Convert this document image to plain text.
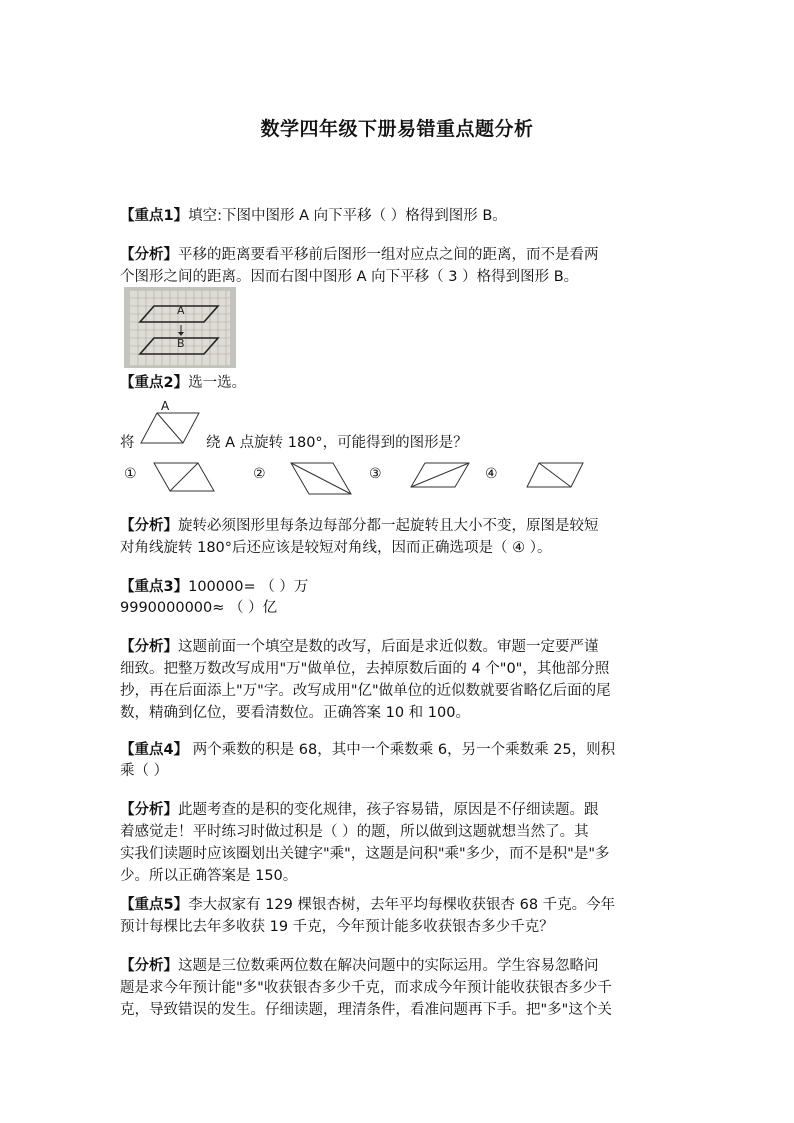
数学四年级下册易错重点题分析
【重点1】填空:下图中图形 A 向下平移（ ）格得到图形 B。
【分析】平移的距离要看平移前后图形一组对应点之间的距离，而不是看两
个图形之间的距离。因而右图中图形 A 向下平移（ 3 ）格得到图形 B。
A
B
【重点2】选一选。
A
将	绕 A 点旋转 180°，可能得到的图形是？
①	②	③	④
【分析】旋转必须图形里每条边每部分都一起旋转且大小不变，原图是较短
对角线旋转 180°后还应该是较短对角线，因而正确选项是（ ④ ）。
【重点3】100000= （ ）万
9990000000≈ （ ）亿
【分析】这题前面一个填空是数的改写，后面是求近似数。审题一定要严谨
细致。把整万数改写成用"万"做单位，去掉原数后面的 4 个"0"，其他部分照
抄，再在后面添上"万"字。改写成用"亿"做单位的近似数就要省略亿后面的尾
数，精确到亿位，要看清数位。正确答案 10 和 100。
【重点4】 两个乘数的积是 68，其中一个乘数乘 6，另一个乘数乘 25，则积
乘（ ）
【分析】此题考查的是积的变化规律，孩子容易错，原因是不仔细读题。跟
着感觉走！平时练习时做过积是（ ）的题，所以做到这题就想当然了。其
实我们读题时应该圈划出关键字"乘"，这题是问积"乘"多少，而不是积"是"多
少。所以正确答案是 150。
【重点5】李大叔家有 129 棵银杏树，去年平均每棵收获银杏 68 千克。今年
预计每棵比去年多收获 19 千克，今年预计能多收获银杏多少千克？
【分析】这题是三位数乘两位数在解决问题中的实际运用。学生容易忽略问
题是求今年预计能"多"收获银杏多少千克，而求成今年预计能收获银杏多少千
克，导致错误的发生。仔细读题，理清条件，看准问题再下手。把"多"这个关
